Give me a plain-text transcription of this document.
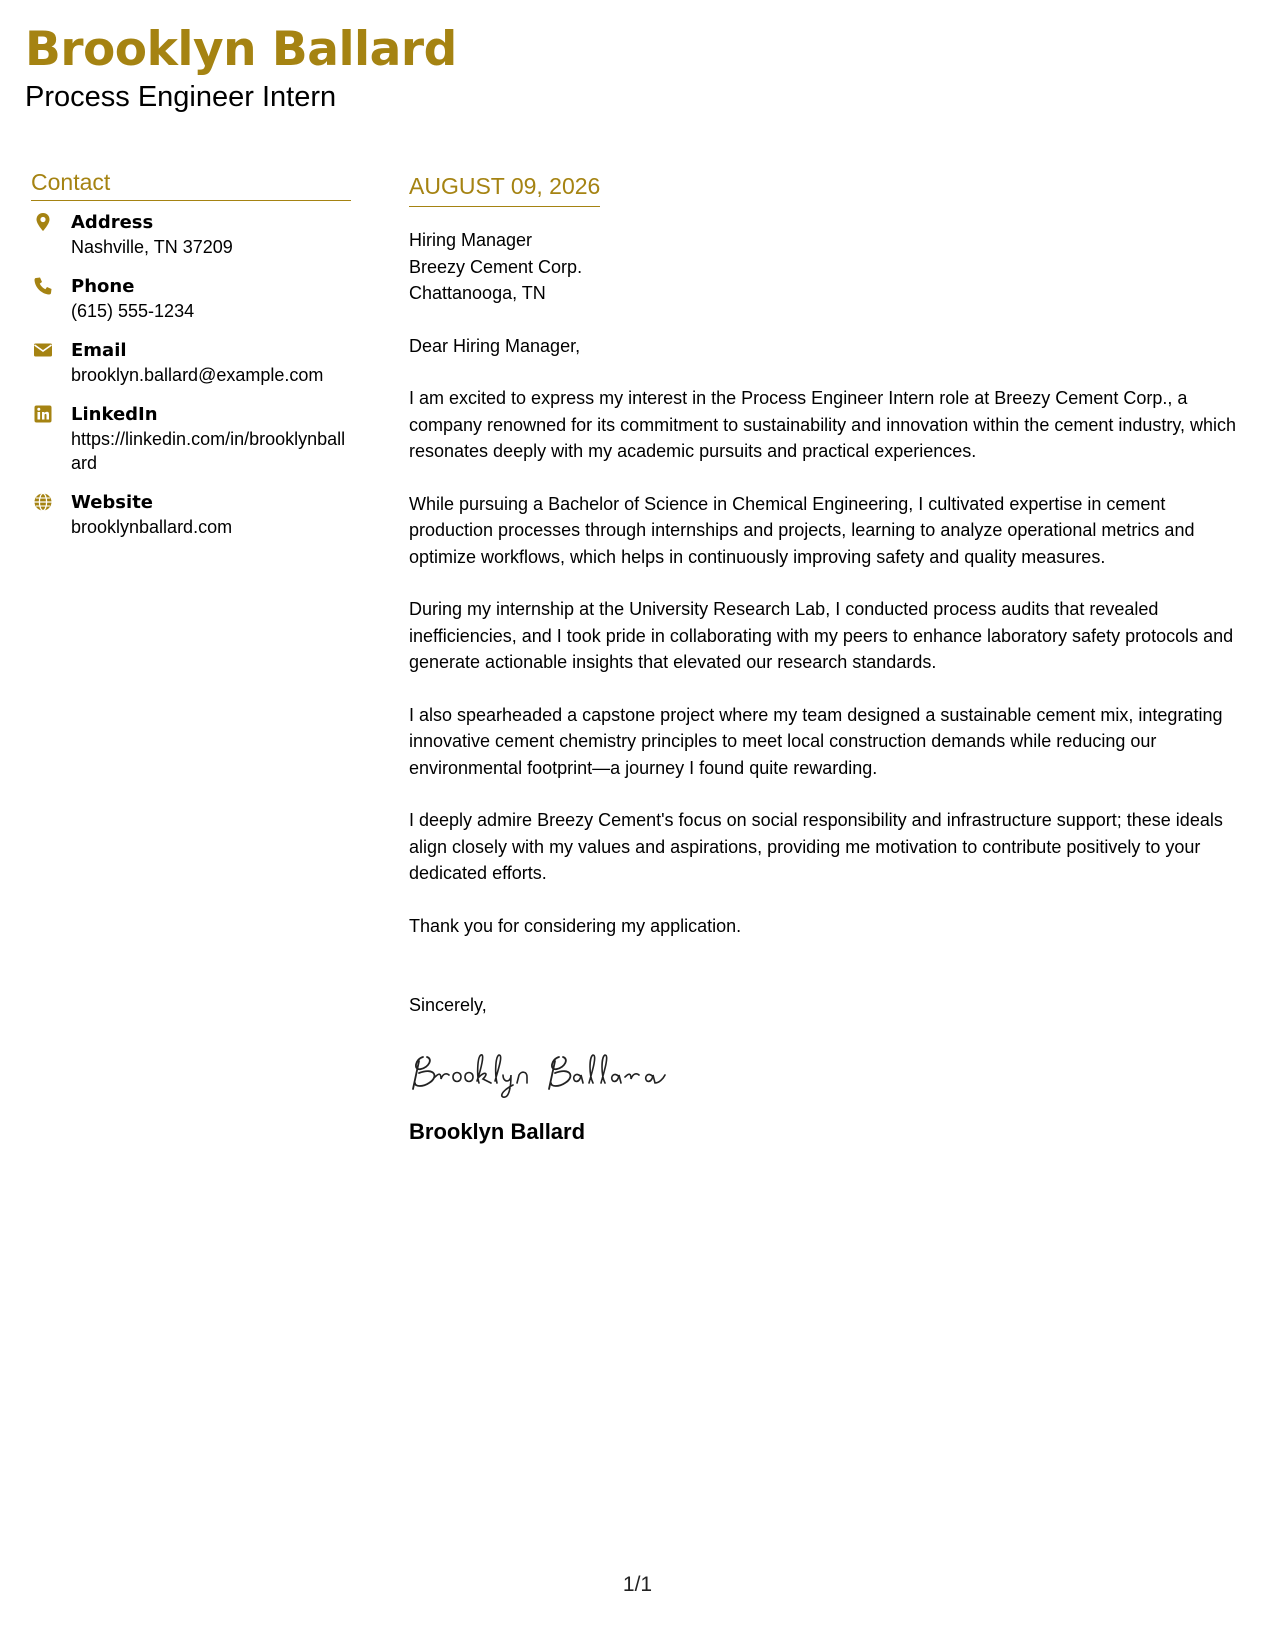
Brooklyn Ballard
Process Engineer Intern
Contact
Address
Nashville, TN 37209
Phone
(615) 555-1234
Email
brooklyn.ballard@example.com
LinkedIn
https://linkedin.com/in/brooklynballard
Website
brooklynballard.com
AUGUST 09, 2026
Hiring Manager
Breezy Cement Corp.
Chattanooga, TN
Dear Hiring Manager,
I am excited to express my interest in the Process Engineer Intern role at Breezy Cement Corp., a company renowned for its commitment to sustainability and innovation within the cement industry, which resonates deeply with my academic pursuits and practical experiences.
While pursuing a Bachelor of Science in Chemical Engineering, I cultivated expertise in cement production processes through internships and projects, learning to analyze operational metrics and optimize workflows, which helps in continuously improving safety and quality measures.
During my internship at the University Research Lab, I conducted process audits that revealed inefficiencies, and I took pride in collaborating with my peers to enhance laboratory safety protocols and generate actionable insights that elevated our research standards.
I also spearheaded a capstone project where my team designed a sustainable cement mix, integrating innovative cement chemistry principles to meet local construction demands while reducing our environmental footprint—a journey I found quite rewarding.
I deeply admire Breezy Cement's focus on social responsibility and infrastructure support; these ideals align closely with my values and aspirations, providing me motivation to contribute positively to your dedicated efforts.
Thank you for considering my application.
Sincerely,
Brooklyn Ballard
1/1
